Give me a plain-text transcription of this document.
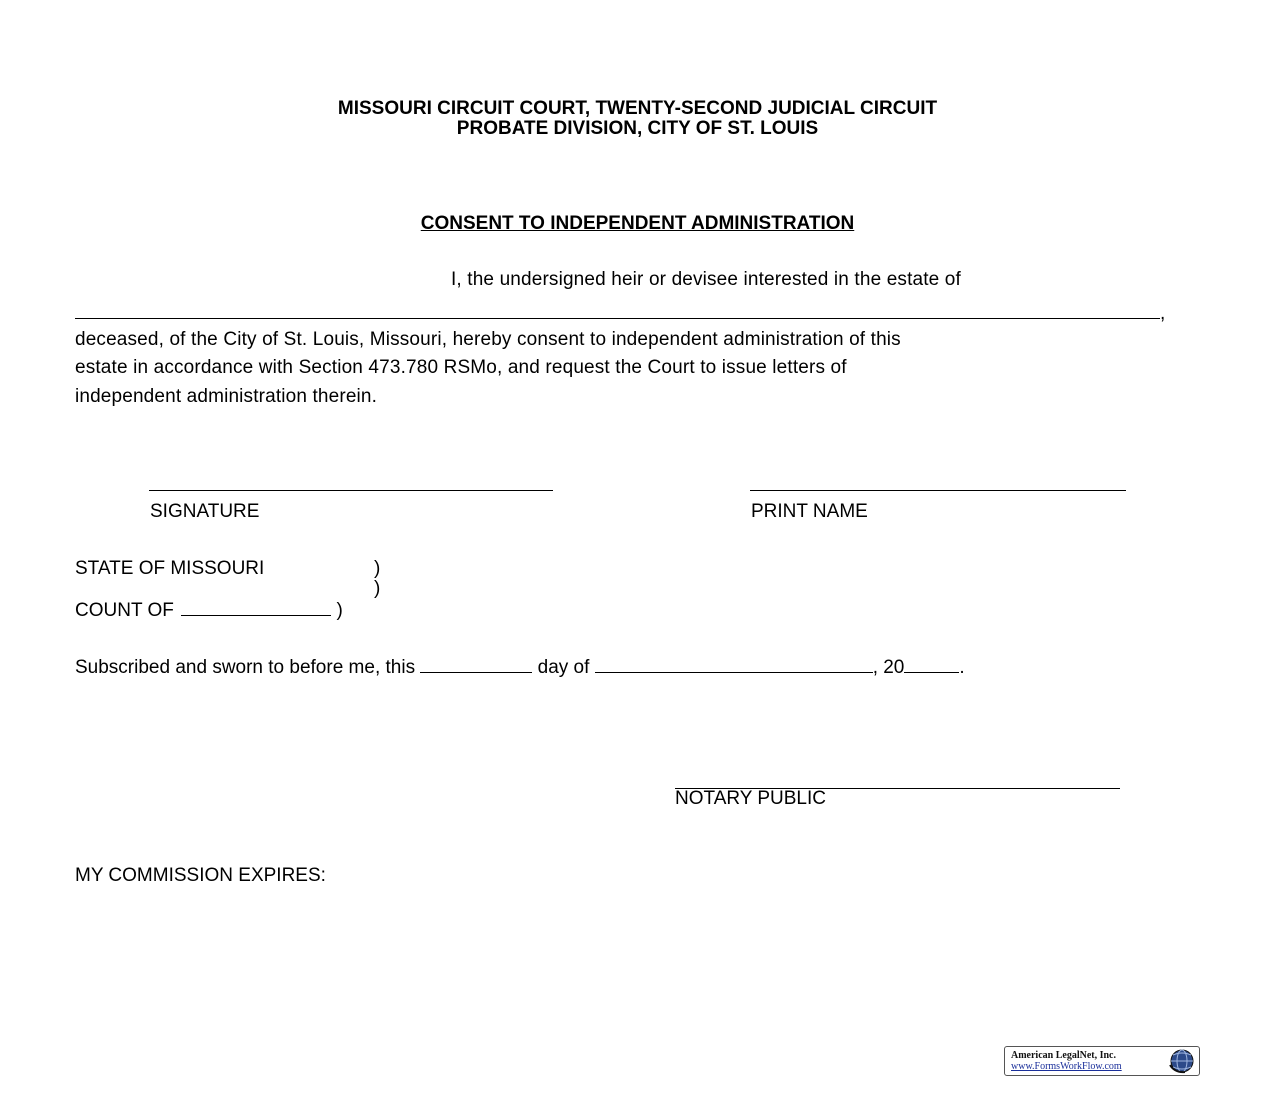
MISSOURI CIRCUIT COURT, TWENTY-SECOND JUDICIAL CIRCUIT
PROBATE DIVISION, CITY OF ST. LOUIS
CONSENT TO INDEPENDENT ADMINISTRATION
I, the undersigned heir or devisee interested in the estate of
,
deceased, of the City of St. Louis, Missouri, hereby consent to independent administration of this
estate in accordance with Section 473.780 RSMo, and request the Court to issue letters of
independent administration therein.
SIGNATURE	PRINT NAME
STATE OF MISSOURI	)
)
COUNT OF	)
Subscribed and sworn to before me, this	day of	, 20	.
NOTARY PUBLIC
MY COMMISSION EXPIRES:
American LegalNet, Inc.
www.FormsWorkFlow.com
